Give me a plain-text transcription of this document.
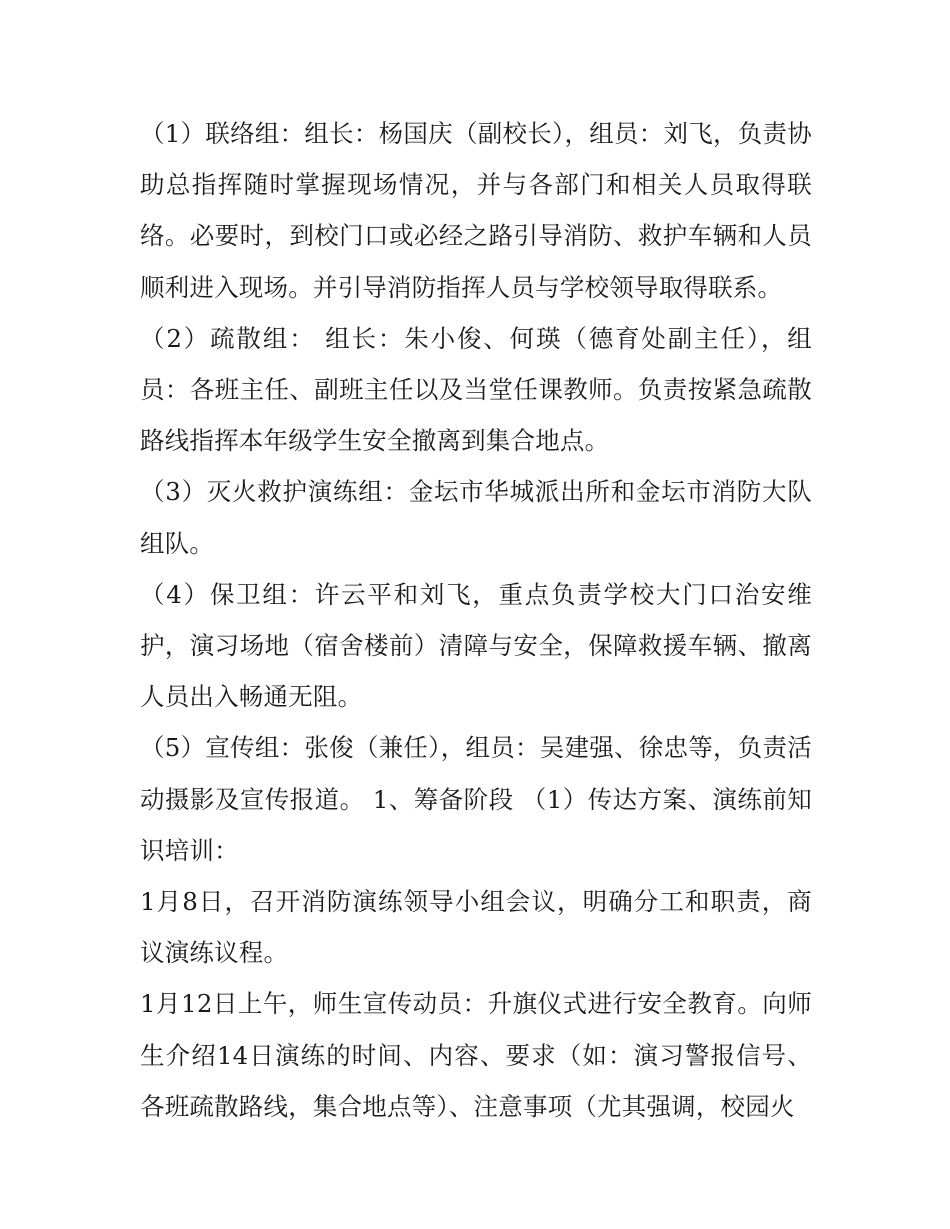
（1）联络组：组长：杨国庆（副校长），组员：刘飞，负责协助总指挥随时掌握现场情况，并与各部门和相关人员取得联络。必要时，到校门口或必经之路引导消防、救护车辆和人员顺利进入现场。并引导消防指挥人员与学校领导取得联系。

（2）疏散组： 组长：朱小俊、何瑛（德育处副主任），组员：各班主任、副班主任以及当堂任课教师。负责按紧急疏散路线指挥本年级学生安全撤离到集合地点。

（3）灭火救护演练组：金坛市华城派出所和金坛市消防大队组队。

（4）保卫组：许云平和刘飞，重点负责学校大门口治安维护，演习场地（宿舍楼前）清障与安全，保障救援车辆、撤离人员出入畅通无阻。

（5）宣传组：张俊（兼任），组员：吴建强、徐忠等，负责活动摄影及宣传报道。 1、筹备阶段 （1）传达方案、演练前知识培训：

1月8日，召开消防演练领导小组会议，明确分工和职责，商议演练议程。

1月12日上午，师生宣传动员：升旗仪式进行安全教育。向师生介绍14日演练的时间、内容、要求（如：演习警报信号、各班疏散路线，集合地点等）、注意事项（尤其强调，校园火
